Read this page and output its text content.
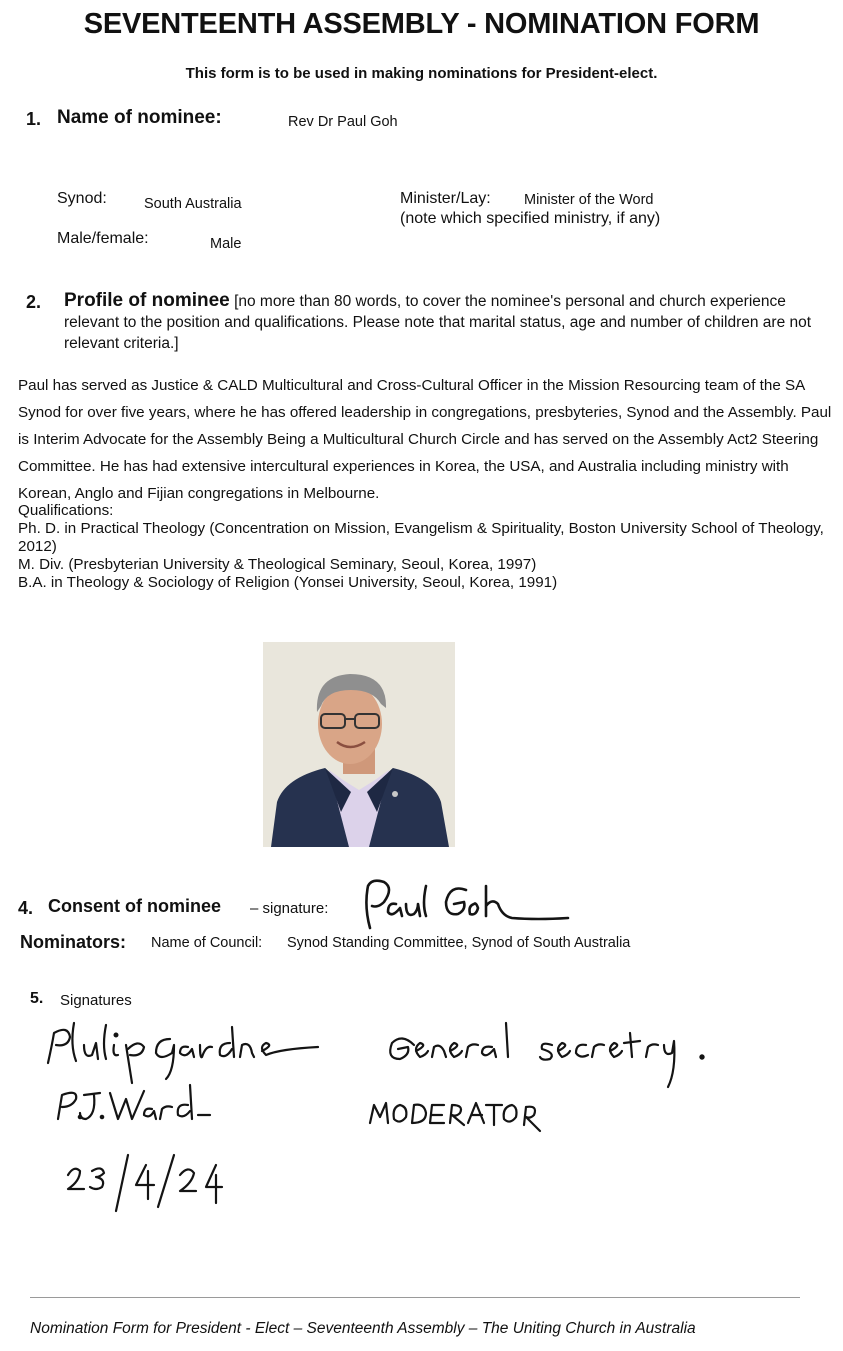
SEVENTEENTH ASSEMBLY - NOMINATION FORM
This form is to be used in making nominations for President-elect.
1. Name of nominee:	Rev Dr Paul Goh
Synod:	South Australia
Male/female:	Male
Minister/Lay: Minister of the Word
(note which specified ministry, if any)
2. Profile of nominee [no more than 80 words, to cover the nominee's personal and church experience relevant to the position and qualifications. Please note that marital status, age and number of children are not relevant criteria.]
Paul has served as Justice & CALD Multicultural and Cross-Cultural Officer in the Mission Resourcing team of the SA Synod for over five years, where he has offered leadership in congregations, presbyteries, Synod and the Assembly. Paul is Interim Advocate for the Assembly Being a Multicultural Church Circle and has served on the Assembly Act2 Steering Committee. He has had extensive intercultural experiences in Korea, the USA, and Australia including ministry with Korean, Anglo and Fijian congregations in Melbourne.
Qualifications:
Ph. D. in Practical Theology (Concentration on Mission, Evangelism & Spirituality, Boston University School of Theology, 2012)
M. Div. (Presbyterian University & Theological Seminary, Seoul, Korea, 1997)
B.A. in Theology & Sociology of Religion (Yonsei University, Seoul, Korea, 1991)
4. Consent of nominee – signature:
Nominators: Name of Council: Synod Standing Committee, Synod of South Australia
5. Signatures
Nomination Form for President - Elect – Seventeenth Assembly – The Uniting Church in Australia
